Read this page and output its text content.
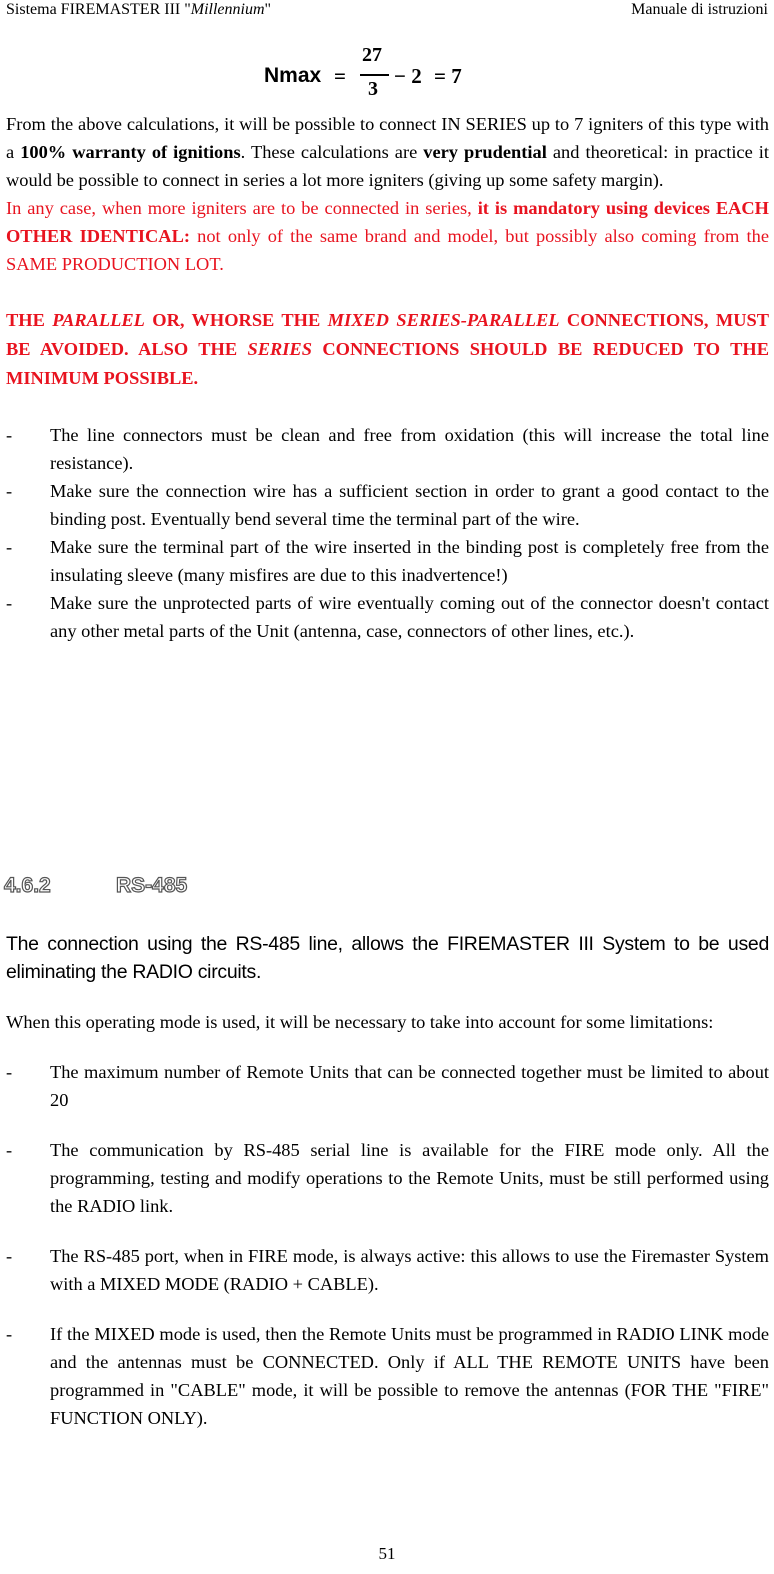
Sistema FIREMASTER III "Millennium"	Manuale di istruzioni
Nmax =
27
3
− 2 = 7

From the above calculations, it will be possible to connect IN SERIES up to 7 igniters of this type with a 100% warranty of ignitions. These calculations are very prudential and theoretical: in practice it would be possible to connect in series a lot more igniters (giving up some safety margin).

In any case, when more igniters are to be connected in series, it is mandatory using devices EACH OTHER IDENTICAL: not only of the same brand and model, but possibly also coming from the SAME PRODUCTION LOT.

THE PARALLEL OR, WHORSE THE MIXED SERIES-PARALLEL CONNECTIONS, MUST BE AVOIDED. ALSO THE SERIES CONNECTIONS SHOULD BE REDUCED TO THE MINIMUM POSSIBLE.

- The line connectors must be clean and free from oxidation (this will increase the total line resistance).
- Make sure the connection wire has a sufficient section in order to grant a good contact to the binding post. Eventually bend several time the terminal part of the wire.
- Make sure the terminal part of the wire inserted in the binding post is completely free from the insulating sleeve (many misfires are due to this inadvertence!)
- Make sure the unprotected parts of wire eventually coming out of the connector doesn't contact any other metal parts of the Unit (antenna, case, connectors of other lines, etc.).
4.6.2	RS-485

The connection using the RS-485 line, allows the FIREMASTER III System to be used eliminating the RADIO circuits.

When this operating mode is used, it will be necessary to take into account for some limitations:

- The maximum number of Remote Units that can be connected together must be limited to about 20
- The communication by RS-485 serial line is available for the FIRE mode only. All the programming, testing and modify operations to the Remote Units, must be still performed using the RADIO link.
- The RS-485 port, when in FIRE mode, is always active: this allows to use the Firemaster System with a MIXED MODE (RADIO + CABLE).
- If the MIXED mode is used, then the Remote Units must be programmed in RADIO LINK mode and the antennas must be CONNECTED. Only if ALL THE REMOTE UNITS have been programmed in "CABLE" mode, it will be possible to remove the antennas (FOR THE "FIRE" FUNCTION ONLY).
51
